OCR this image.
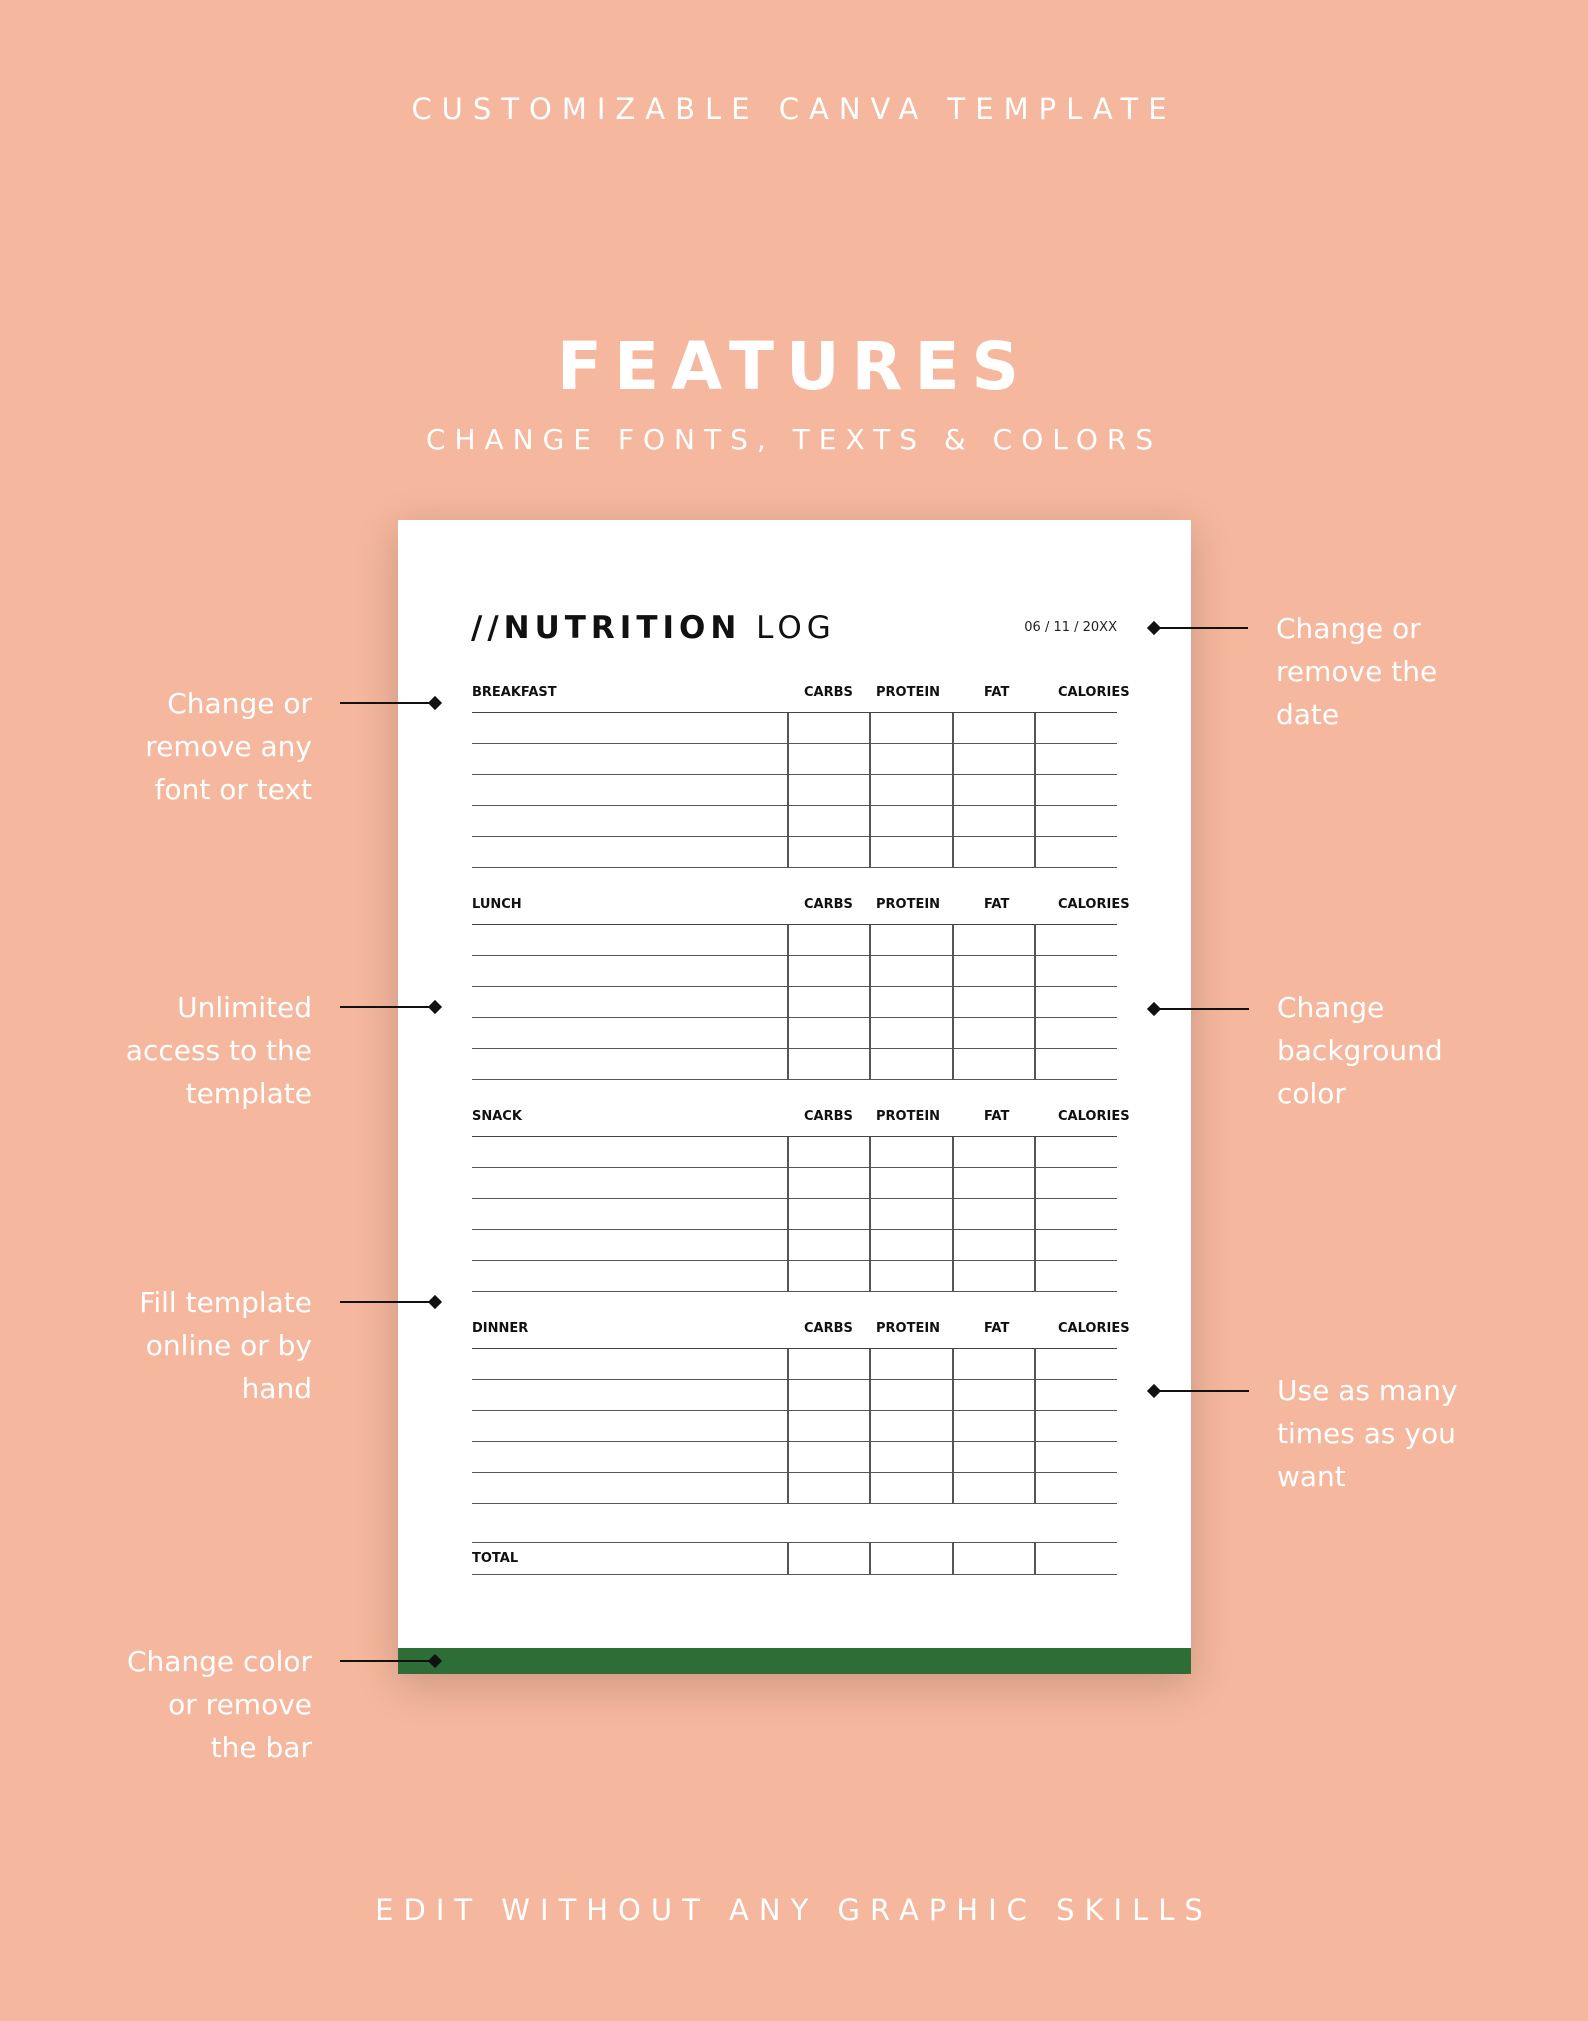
CUSTOMIZABLE CANVA TEMPLATE
FEATURES
CHANGE FONTS, TEXTS & COLORS
//NUTRITION LOG	06 / 11 / 20XX
BREAKFAST	CARBS PROTEIN	FAT	CALORIES
LUNCH	CARBS PROTEIN	FAT	CALORIES
SNACK	CARBS PROTEIN	FAT	CALORIES
DINNER	CARBS PROTEIN	FAT	CALORIES
TOTAL
Change or
remove any
font or text
Unlimited
access to the
template
Fill template
online or by
hand
Change color
or remove
the bar
Change or
remove the
date
Change
background
color
Use as many
times as you
want
EDIT WITHOUT ANY GRAPHIC SKILLS
